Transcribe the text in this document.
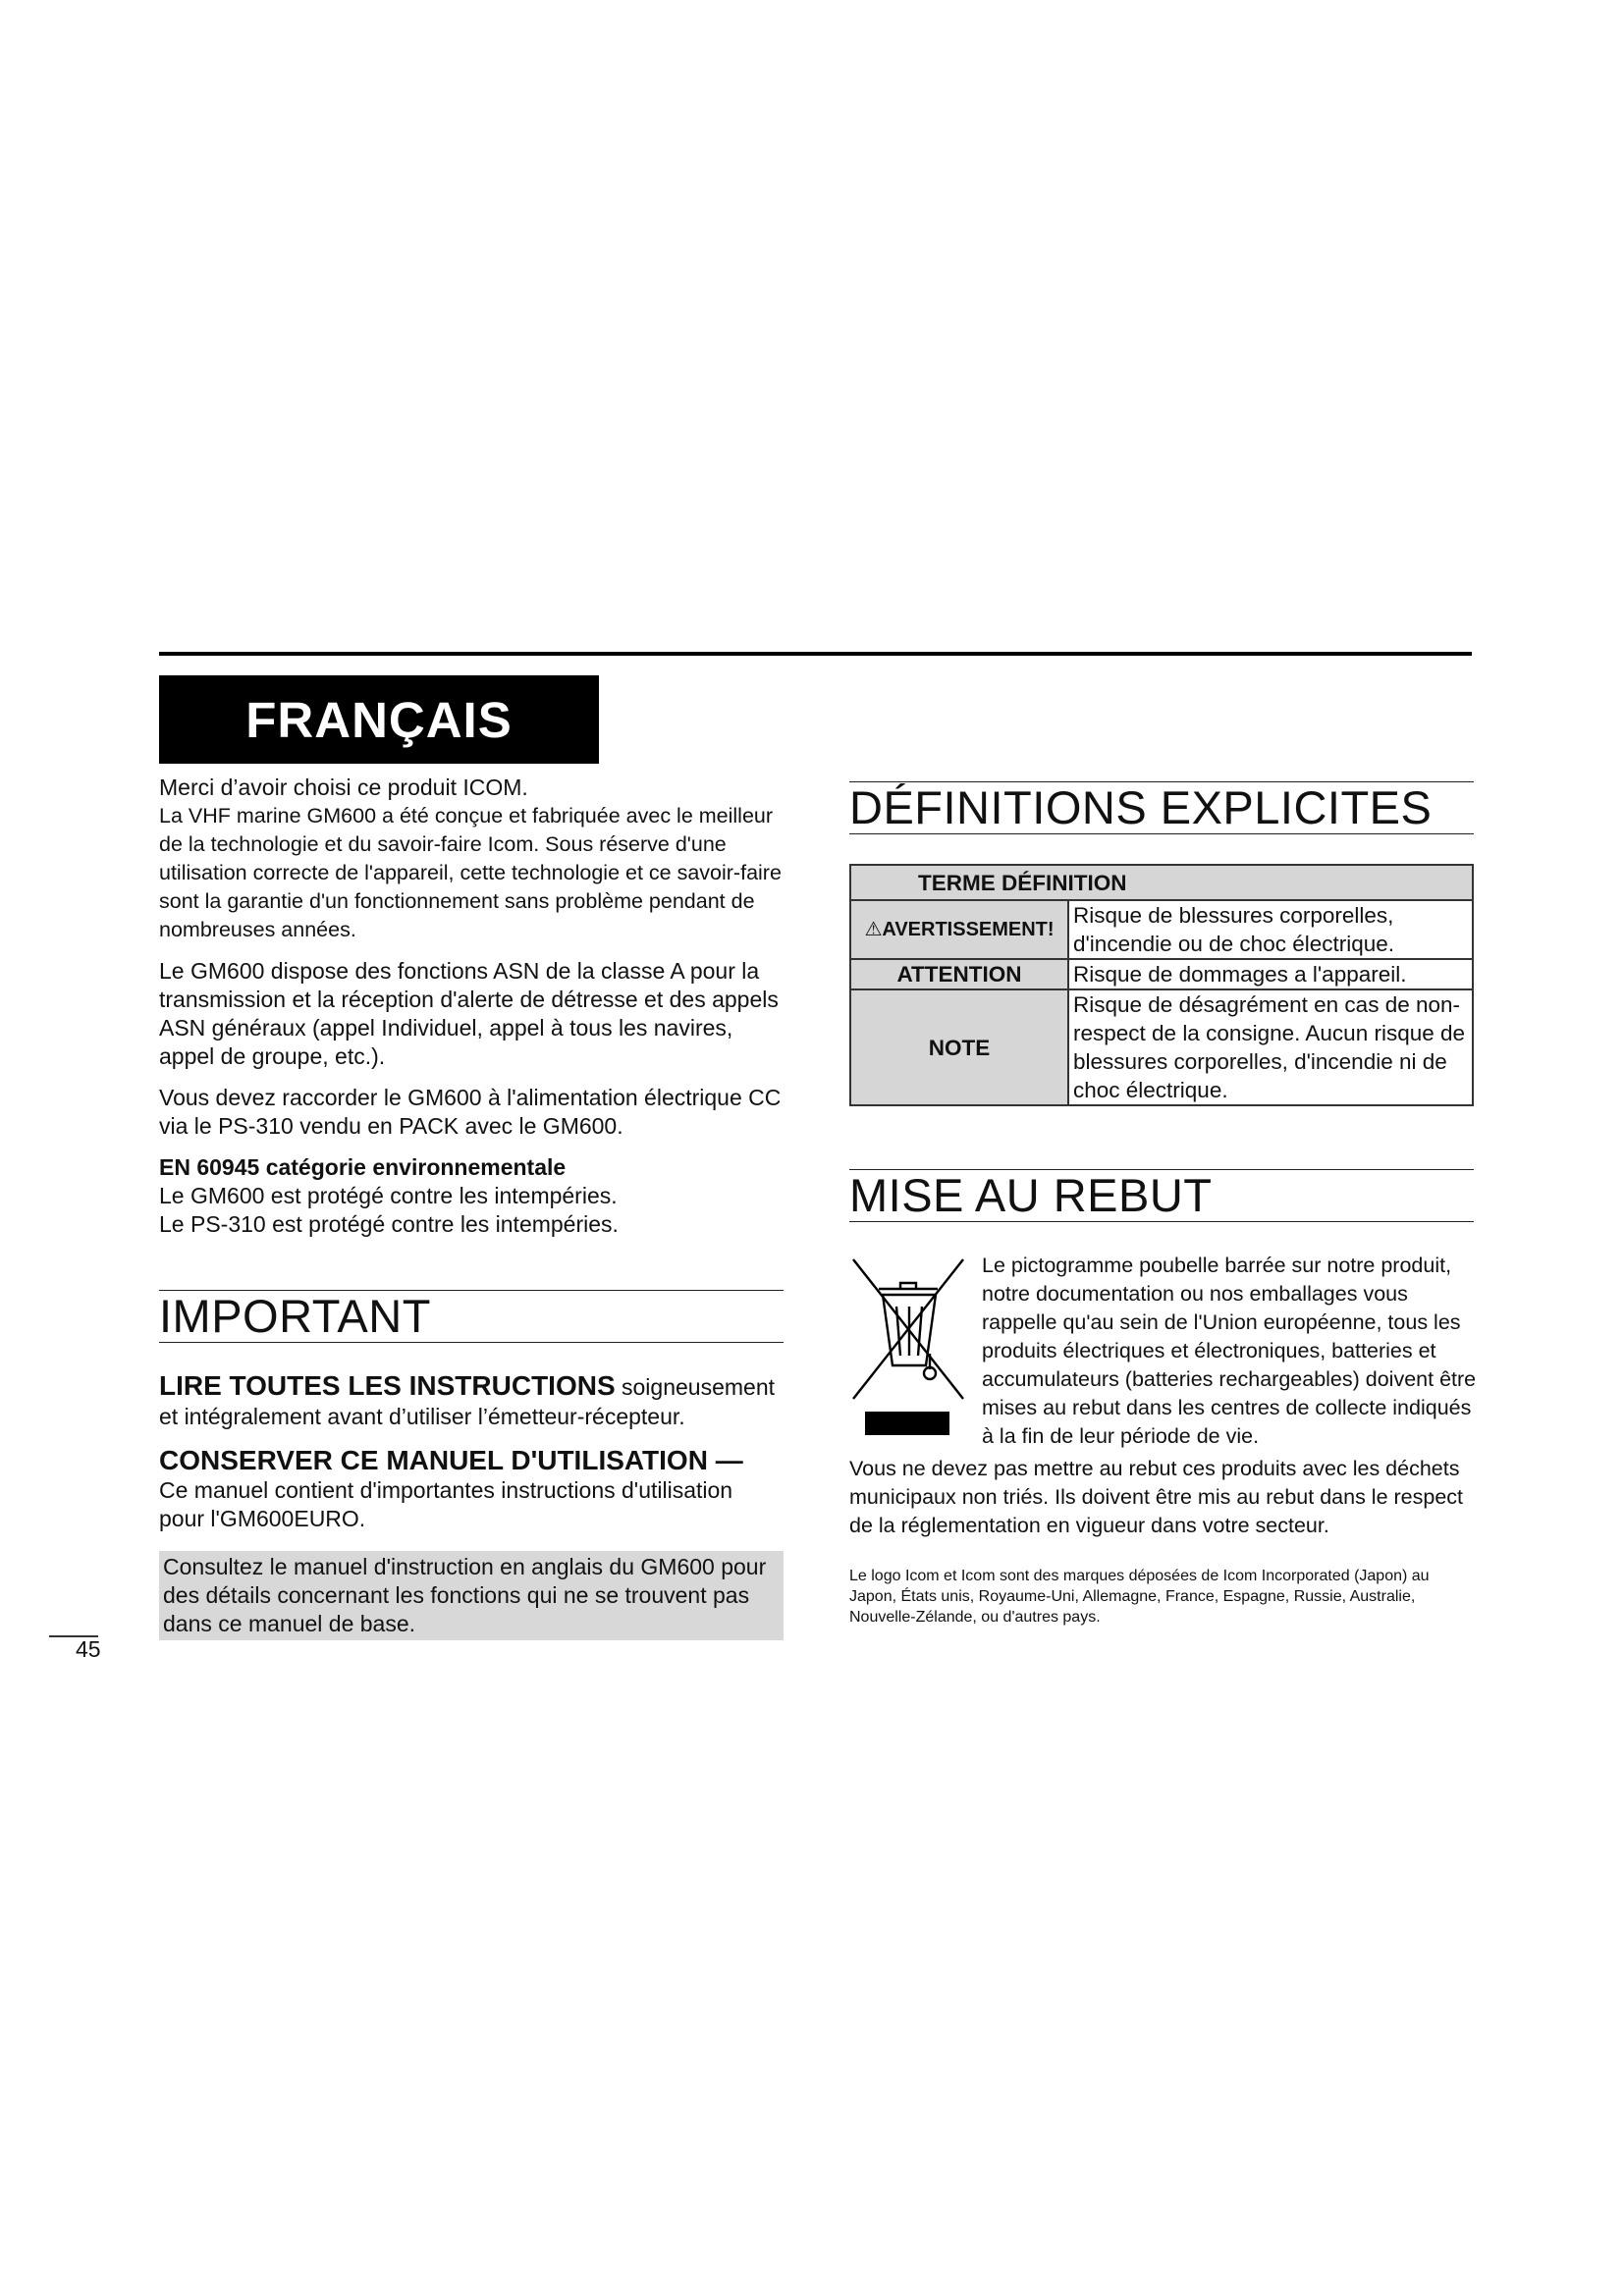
FRANÇAIS

Merci d’avoir choisi ce produit ICOM.

La VHF marine GM600 a été conçue et fabriquée avec le meilleur de la technologie et du savoir-faire Icom. Sous réserve d'une utilisation correcte de l'appareil, cette technologie et ce savoir-faire sont la garantie d'un fonctionnement sans problème pendant de nombreuses années.

Le GM600 dispose des fonctions ASN de la classe A pour la transmission et la réception d'alerte de détresse et des appels ASN généraux (appel Individuel, appel à tous les navires, appel de groupe, etc.).

Vous devez raccorder le GM600 à l'alimentation électrique CC via le PS-310 vendu en PACK avec le GM600.

EN 60945 catégorie environnementale

Le GM600 est protégé contre les intempéries.

Le PS-310 est protégé contre les intempéries.

IMPORTANT

LIRE TOUTES LES INSTRUCTIONS soigneusement

et intégralement avant d’utiliser l’émetteur-récepteur.

CONSERVER CE MANUEL D'UTILISATION —

Ce manuel contient d'importantes instructions d'utilisation pour l'GM600EURO.

Consultez le manuel d'instruction en anglais du GM600 pour des détails concernant les fonctions qui ne se trouvent pas dans ce manuel de base.
DÉFINITIONS EXPLICITES
TERME DÉFINITION	
⚠AVERTISSEMENT!	Risque de blessures corporelles, d'incendie ou de choc électrique.
ATTENTION	Risque de dommages a l'appareil.
NOTE	Risque de désagrément en cas de non-respect de la consigne. Aucun risque de blessures corporelles, d'incendie ni de choc électrique.
MISE AU REBUT

Le pictogramme poubelle barrée sur notre produit, notre documentation ou nos emballages vous rappelle qu'au sein de l'Union européenne, tous les produits électriques et électroniques, batteries et accumulateurs (batteries rechargeables) doivent être mises au rebut dans les centres de collecte indiqués à la fin de leur période de vie.

Vous ne devez pas mettre au rebut ces produits avec les déchets municipaux non triés. Ils doivent être mis au rebut dans le respect de la réglementation en vigueur dans votre secteur.

Le logo Icom et Icom sont des marques déposées de Icom Incorporated (Japon) au Japon, États unis, Royaume-Uni, Allemagne, France, Espagne, Russie, Australie, Nouvelle-Zélande, ou d'autres pays.

45
